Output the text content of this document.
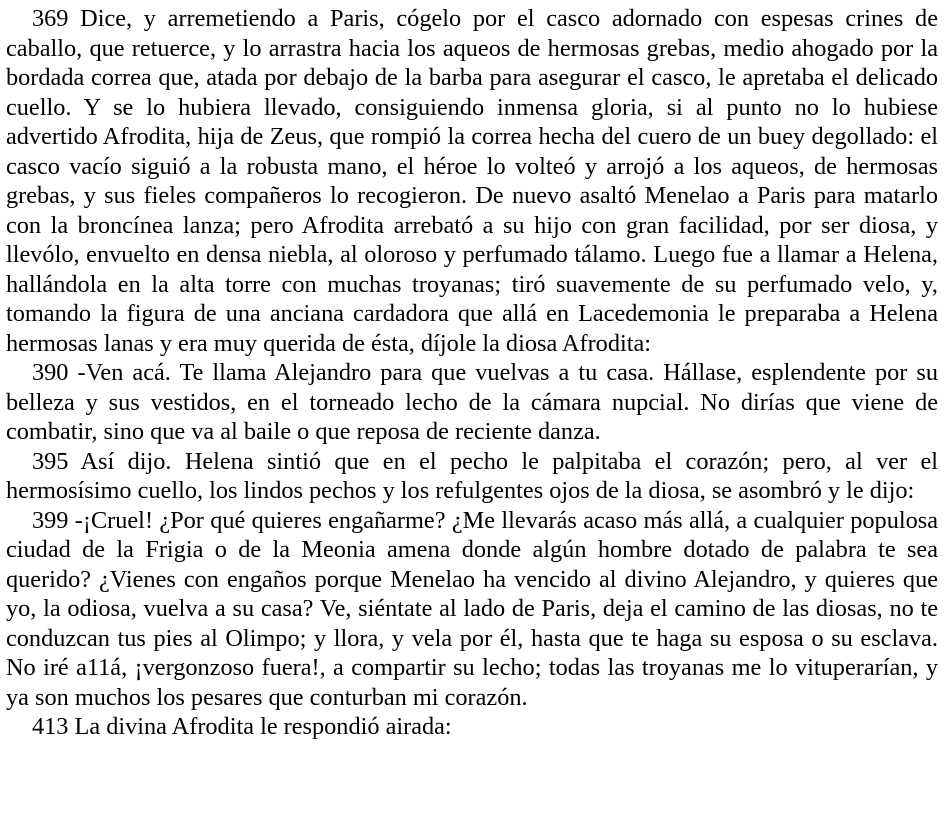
369 Dice, y arremetiendo a Paris, cógelo por el casco adornado con espesas crines de caballo, que retuerce, y lo arrastra hacia los aqueos de hermosas grebas, medio ahogado por la bordada correa que, atada por debajo de la barba para asegurar el casco, le apretaba el delicado cuello. Y se lo hubiera llevado, consiguiendo inmensa gloria, si al punto no lo hubiese advertido Afrodita, hija de Zeus, que rompió la correa hecha del cuero de un buey degollado: el casco vacío siguió a la robusta mano, el héroe lo volteó y arrojó a los aqueos, de hermosas grebas, y sus fieles compañeros lo recogieron. De nuevo asaltó Menelao a Paris para matarlo con la broncínea lanza; pero Afrodita arrebató a su hijo con gran facilidad, por ser diosa, y llevólo, envuelto en densa niebla, al oloroso y perfumado tálamo. Luego fue a llamar a Helena, hallándola en la alta torre con muchas troyanas; tiró suavemente de su perfumado velo, y, tomando la figura de una anciana cardadora que allá en Lacedemonia le preparaba a Helena hermosas lanas y era muy querida de ésta, díjole la diosa Afrodita:

390 -Ven acá. Te llama Alejandro para que vuelvas a tu casa. Hállase, esplendente por su belleza y sus vestidos, en el torneado lecho de la cámara nupcial. No dirías que viene de combatir, sino que va al baile o que reposa de reciente danza.

395 Así dijo. Helena sintió que en el pecho le palpitaba el corazón; pero, al ver el hermosísimo cuello, los lindos pechos y los refulgentes ojos de la diosa, se asombró y le dijo:

399 -¡Cruel! ¿Por qué quieres engañarme? ¿Me llevarás acaso más allá, a cualquier populosa ciudad de la Frigia o de la Meonia amena donde algún hombre dotado de palabra te sea querido? ¿Vienes con engaños porque Menelao ha vencido al divino Alejandro, y quieres que yo, la odiosa, vuelva a su casa? Ve, siéntate al lado de Paris, deja el camino de las diosas, no te conduzcan tus pies al Olimpo; y llora, y vela por él, hasta que te haga su esposa o su esclava. No iré a11á, ¡vergonzoso fuera!, a compartir su lecho; todas las troyanas me lo vituperarían, y ya son muchos los pesares que conturban mi corazón.

413 La divina Afrodita le respondió airada:
